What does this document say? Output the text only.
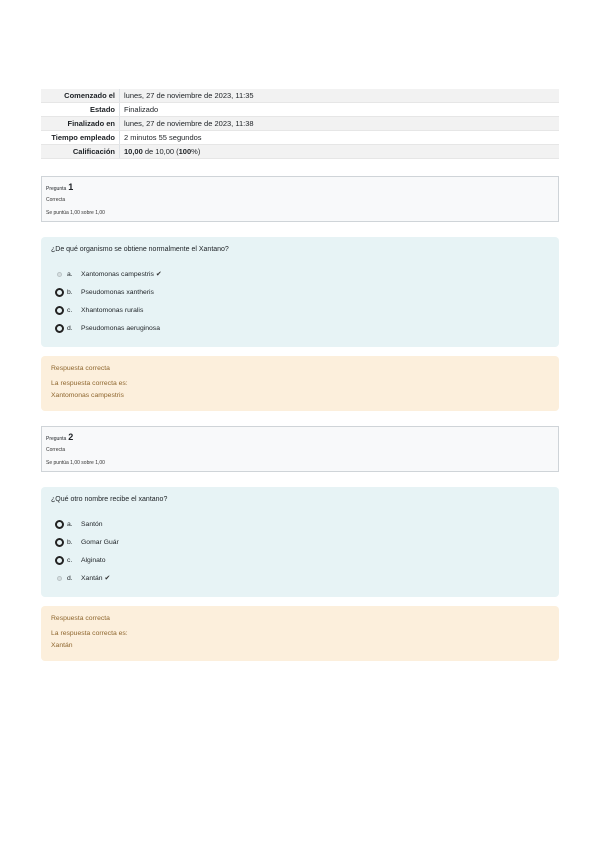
Comenzado el	lunes, 27 de noviembre de 2023, 11:35
Estado	Finalizado
Finalizado en	lunes, 27 de noviembre de 2023, 11:38
Tiempo empleado	2 minutos 55 segundos
Calificación	10,00 de 10,00 (100%)
Pregunta 1
Correcta
Se puntúa 1,00 sobre 1,00
¿De qué organismo se obtiene normalmente el Xantano?
a.	Xantomonas campestris ✔
b.	Pseudomonas xantheris
c.	Xhantomonas ruralis
d.	Pseudomonas aeruginosa
Respuesta correcta
La respuesta correcta es:
Xantomonas campestris
Pregunta 2
Correcta
Se puntúa 1,00 sobre 1,00
¿Qué otro nombre recibe el xantano?
a.	Santón
b.	Gomar Guár
c.	Alginato
d.	Xantán ✔
Respuesta correcta
La respuesta correcta es:
Xantán
